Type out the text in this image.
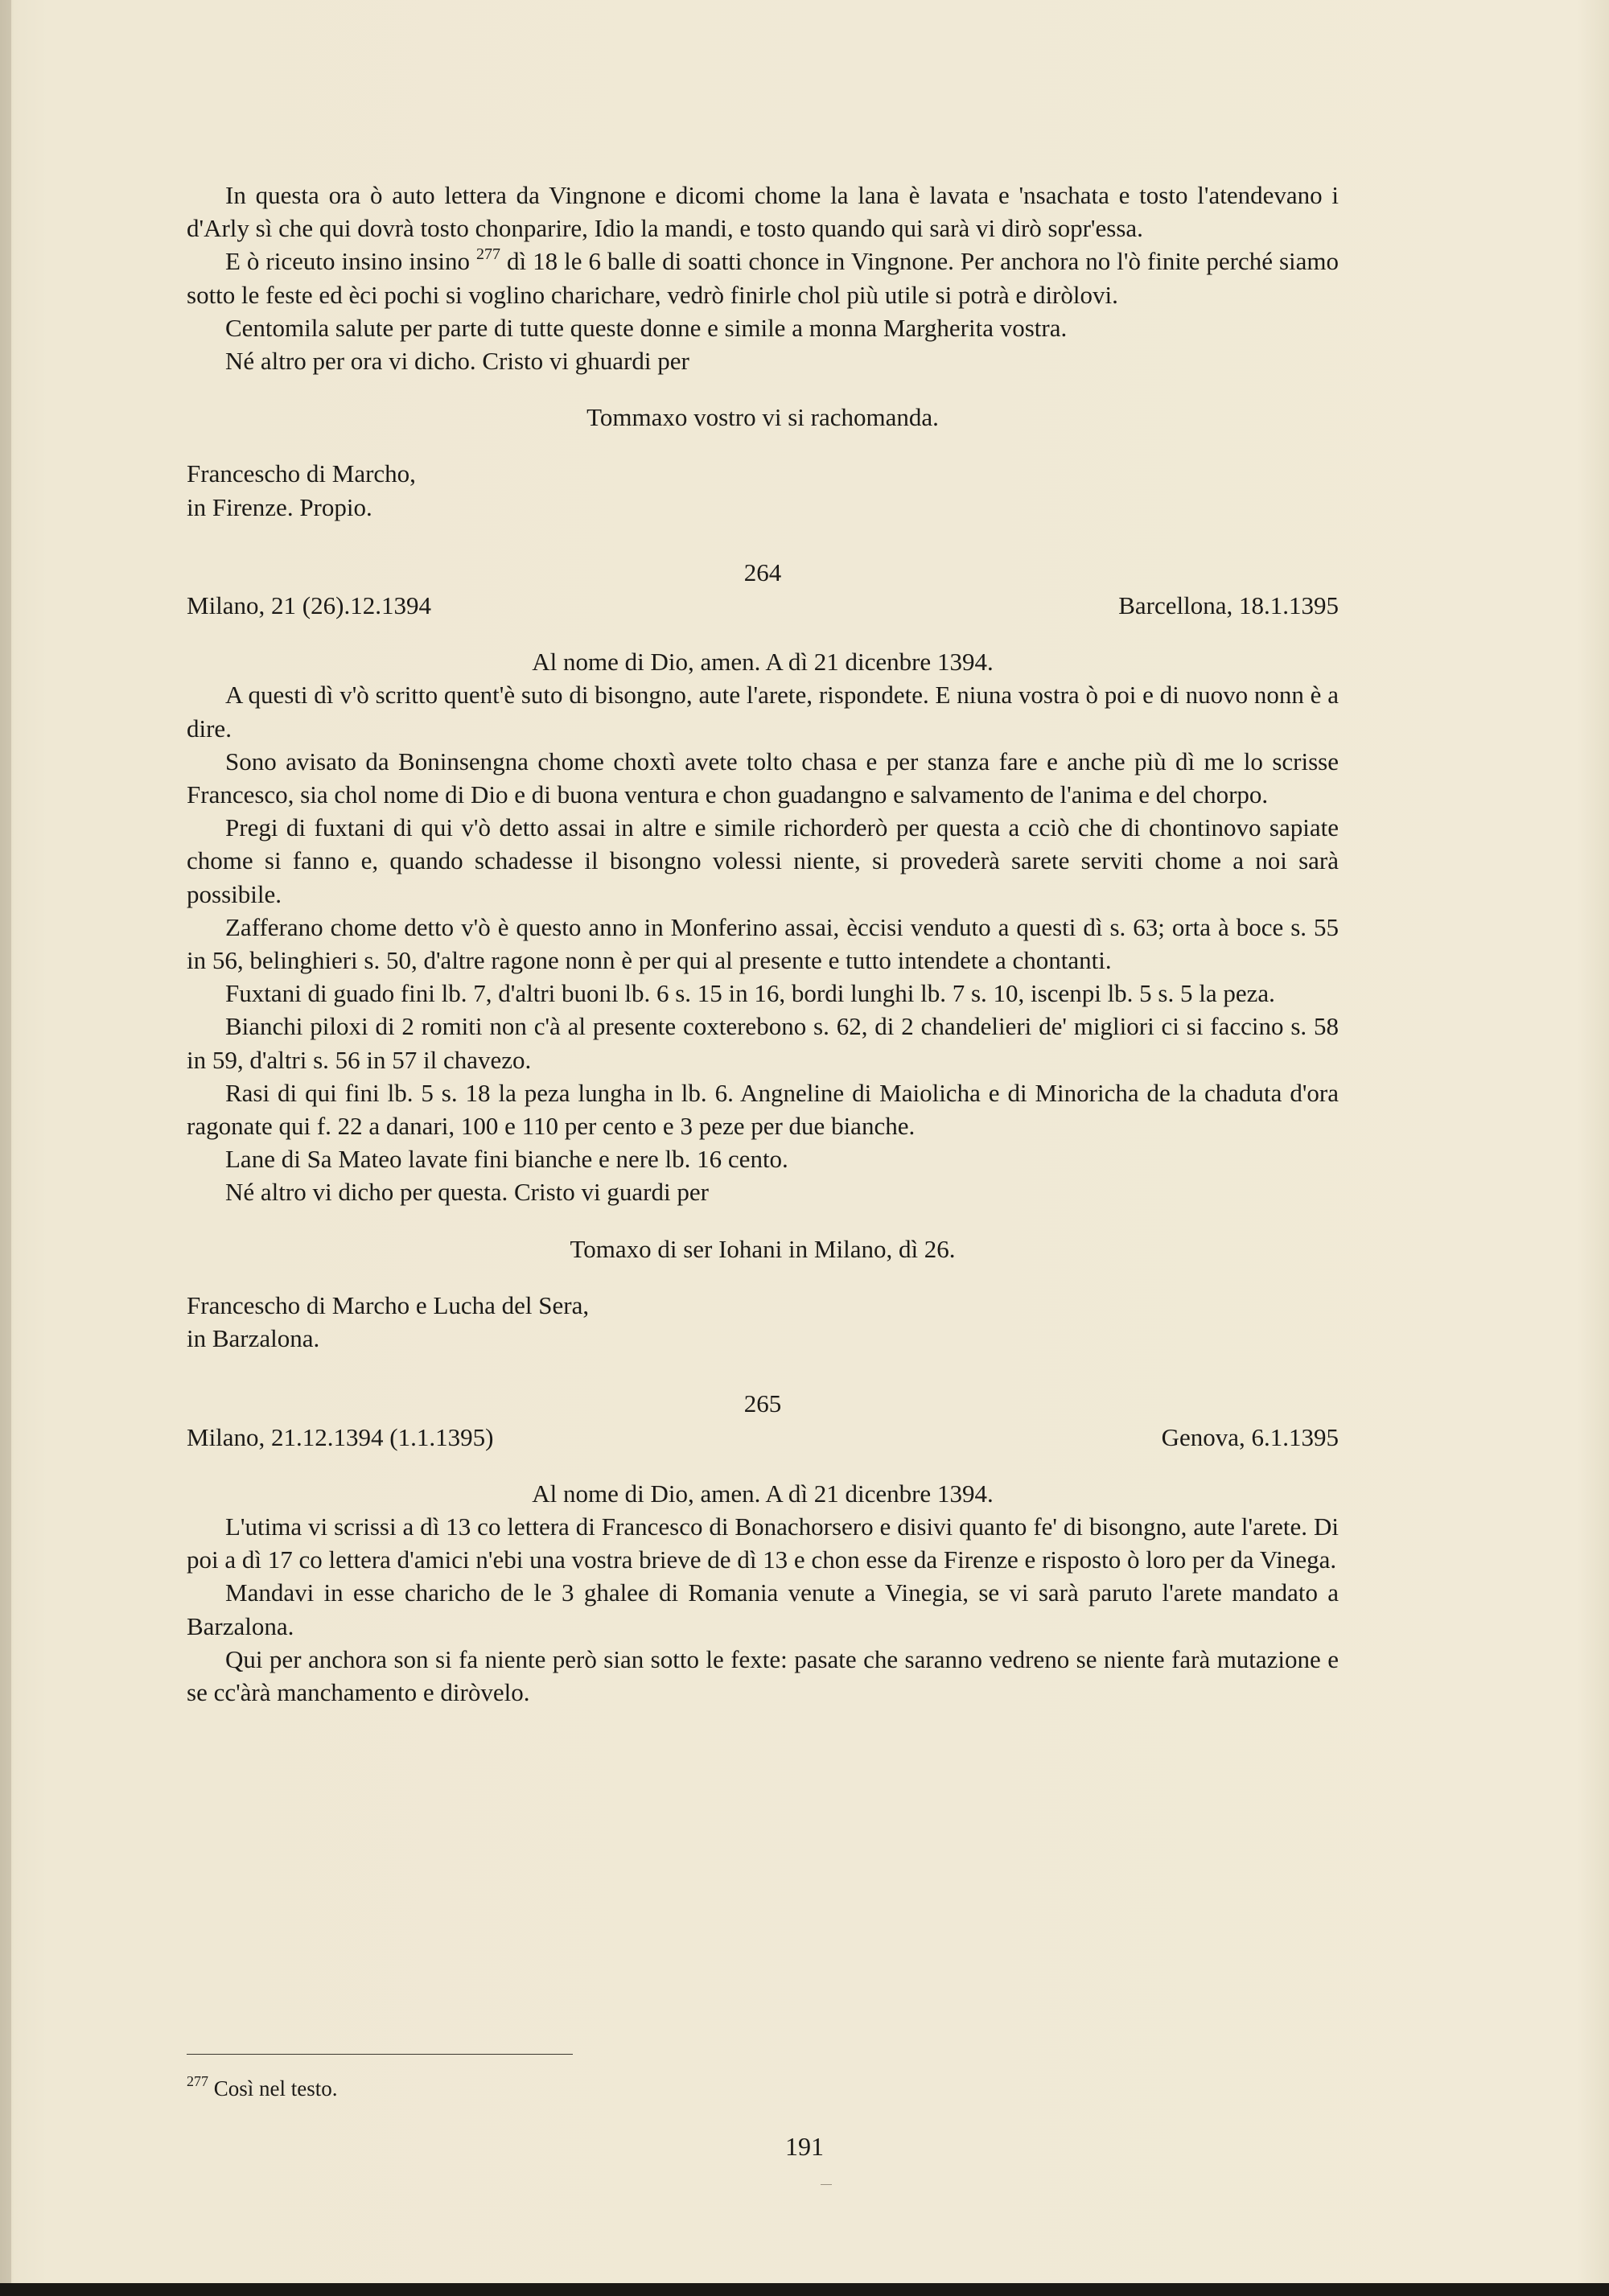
In questa ora ò auto lettera da Vingnone e dicomi chome la lana è lavata e 'nsachata e tosto l'atendevano i d'Arly sì che qui dovrà tosto chonparire, Idio la mandi, e tosto quando qui sarà vi dirò sopr'essa.

E ò riceuto insino insino $^{277}$ dì 18 le 6 balle di soatti chonce in Vingnone. Per anchora no l'ò finite perché siamo sotto le feste ed èci pochi si voglino charichare, vedrò finirle chol più utile si potrà e diròlovi.

Centomila salute per parte di tutte queste donne e simile a monna Margherita vostra.

Né altro per ora vi dicho. Cristo vi ghuardi per

Tommaxo vostro vi si rachomanda.

Francescho di Marcho,

in Firenze. Propio.

264

Milano, 21 (26).12.1394	Barcellona, 18.1.1395

Al nome di Dio, amen. A dì 21 dicenbre 1394.

A questi dì v'ò scritto quent'è suto di bisongno, aute l'arete, rispondete. E niuna vostra ò poi e di nuovo nonn è a dire.

Sono avisato da Boninsengna chome choxtì avete tolto chasa e per stanza fare e anche più dì me lo scrisse Francesco, sia chol nome di Dio e di buona ventura e chon guadangno e salvamento de l'anima e del chorpo.

Pregi di fuxtani di qui v'ò detto assai in altre e simile richorderò per questa a cciò che di chontinovo sapiate chome si fanno e, quando schadesse il bisongno volessi niente, si provederà sarete serviti chome a noi sarà possibile.

Zafferano chome detto v'ò è questo anno in Monferino assai, èccisi venduto a questi dì s. 63; orta à boce s. 55 in 56, belinghieri s. 50, d'altre ragone nonn è per qui al presente e tutto intendete a chontanti.

Fuxtani di guado fini lb. 7, d'altri buoni lb. 6 s. 15 in 16, bordi lunghi lb. 7 s. 10, iscenpi lb. 5 s. 5 la peza.

Bianchi piloxi di 2 romiti non c'à al presente coxterebono s. 62, di 2 chandelieri de' migliori ci si faccino s. 58 in 59, d'altri s. 56 in 57 il chavezo.

Rasi di qui fini lb. 5 s. 18 la peza lungha in lb. 6. Angneline di Maiolicha e di Minoricha de la chaduta d'ora ragonate qui f. 22 a danari, 100 e 110 per cento e 3 peze per due bianche.

Lane di Sa Mateo lavate fini bianche e nere lb. 16 cento.

Né altro vi dicho per questa. Cristo vi guardi per

Tomaxo di ser Iohani in Milano, dì 26.

Francescho di Marcho e Lucha del Sera,

in Barzalona.

265

Milano, 21.12.1394 (1.1.1395)	Genova, 6.1.1395

Al nome di Dio, amen. A dì 21 dicenbre 1394.

L'utima vi scrissi a dì 13 co lettera di Francesco di Bonachorsero e disivi quanto fe' di bisongno, aute l'arete. Di poi a dì 17 co lettera d'amici n'ebi una vostra brieve de dì 13 e chon esse da Firenze e risposto ò loro per da Vinega.

Mandavi in esse charicho de le 3 ghalee di Romania venute a Vinegia, se vi sarà paruto l'arete mandato a Barzalona.

Qui per anchora son si fa niente però sian sotto le fexte: pasate che saranno vedreno se niente farà mutazione e se cc'àrà manchamento e diròvelo.

$^{277}$ Così nel testo.
191
